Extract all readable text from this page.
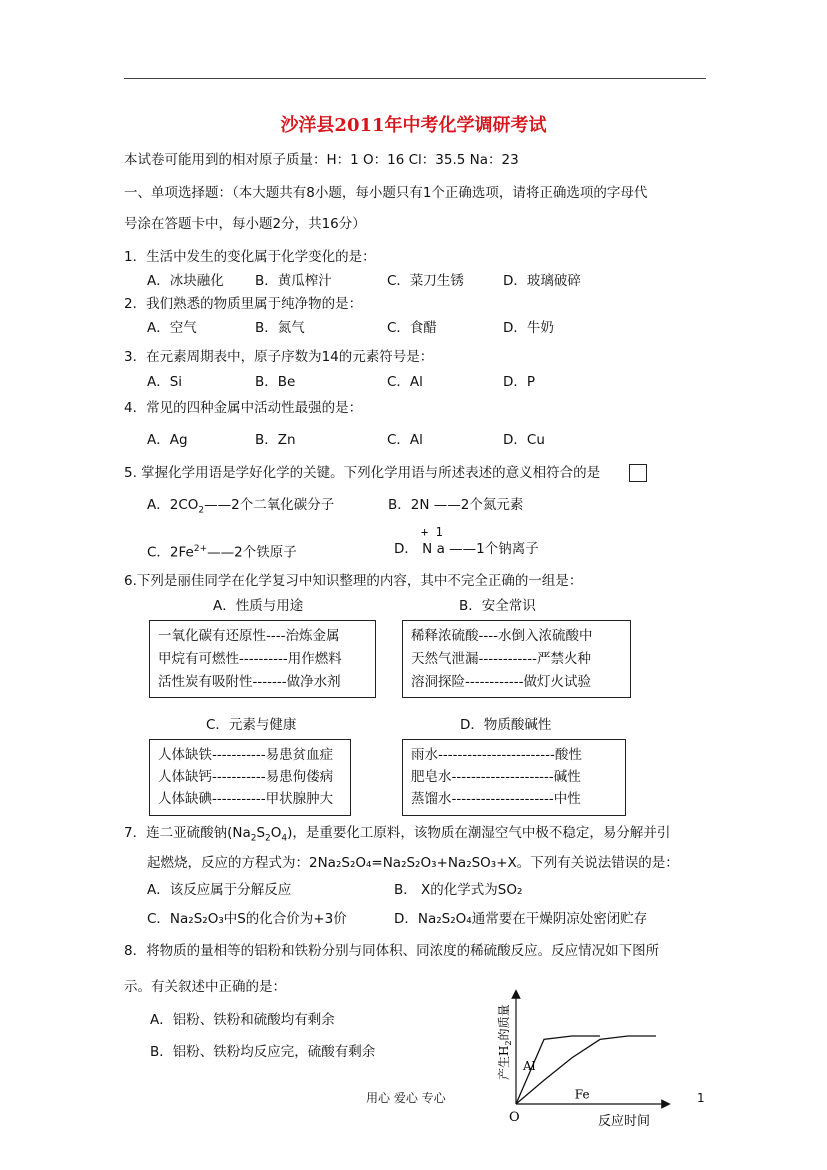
沙洋县2011年中考化学调研考试
本试卷可能用到的相对原子质量：H：1 O：16 Cl：35.5 Na：23
一、单项选择题：（本大题共有8小题，每小题只有1个正确选项，请将正确选项的字母代
号涂在答题卡中，每小题2分，共16分）
1．生活中发生的变化属于化学变化的是：
A．冰块融化 B．黄瓜榨汁	C．菜刀生锈	D．玻璃破碎
2．我们熟悉的物质里属于纯净物的是：
A．空气	B．氮气	C．食醋	D．牛奶
3．在元素周期表中，原子序数为14的元素符号是：
A．Si	B．Be	C．Al	D．P
4．常见的四种金属中活动性最强的是：
A．Ag	B．Zn	C．Al	D．Cu
5. 掌握化学用语是学好化学的关键。下列化学用语与所述表述的意义相符合的是
A．$2CO_2——2$个二氧化碳分子	B．2N ——2个氮元素
C．$2Fe^{2+}——2$个铁原子
+ 1
D． N a ——1个钠离子
6.下列是丽佳同学在化学复习中知识整理的内容，其中不完全正确的一组是：
A．性质与用途	B．安全常识
一氧化碳有还原性----治炼金属
甲烷有可燃性----------用作燃料
活性炭有吸附性-------做净水剂
稀释浓硫酸----水倒入浓硫酸中
天然气泄漏------------严禁火种
溶洞探险------------做灯火试验
C．元素与健康	D．物质酸碱性
人体缺铁-----------易患贫血症
人体缺钙-----------易患佝偻病
人体缺碘-----------甲状腺肿大
雨水------------------------酸性
肥皂水---------------------碱性
蒸馏水---------------------中性
7．连二亚硫酸钠$(Na_2S_2O_4)$，是重要化工原料，该物质在潮湿空气中极不稳定，易分解并引
起燃烧，反应的方程式为：2Na₂S₂O₄=Na₂S₂O₃+Na₂SO₃+X。下列有关说法错误的是：
A．该反应属于分解反应	B． X的化学式为SO₂
C．Na₂S₂O₃中S的化合价为+3价	D．Na₂S₂O₄通常要在干燥阴凉处密闭贮存
8．将物质的量相等的铝粉和铁粉分别与同体积、同浓度的稀硫酸反应。反应情况如下图所
示。有关叙述中正确的是：
A．铝粉、铁粉和硫酸均有剩余
B．铝粉、铁粉均反应完，硫酸有剩余
Al
Fe
产生$H_2$的质量
反应时间
O
用心 爱心 专心	1
